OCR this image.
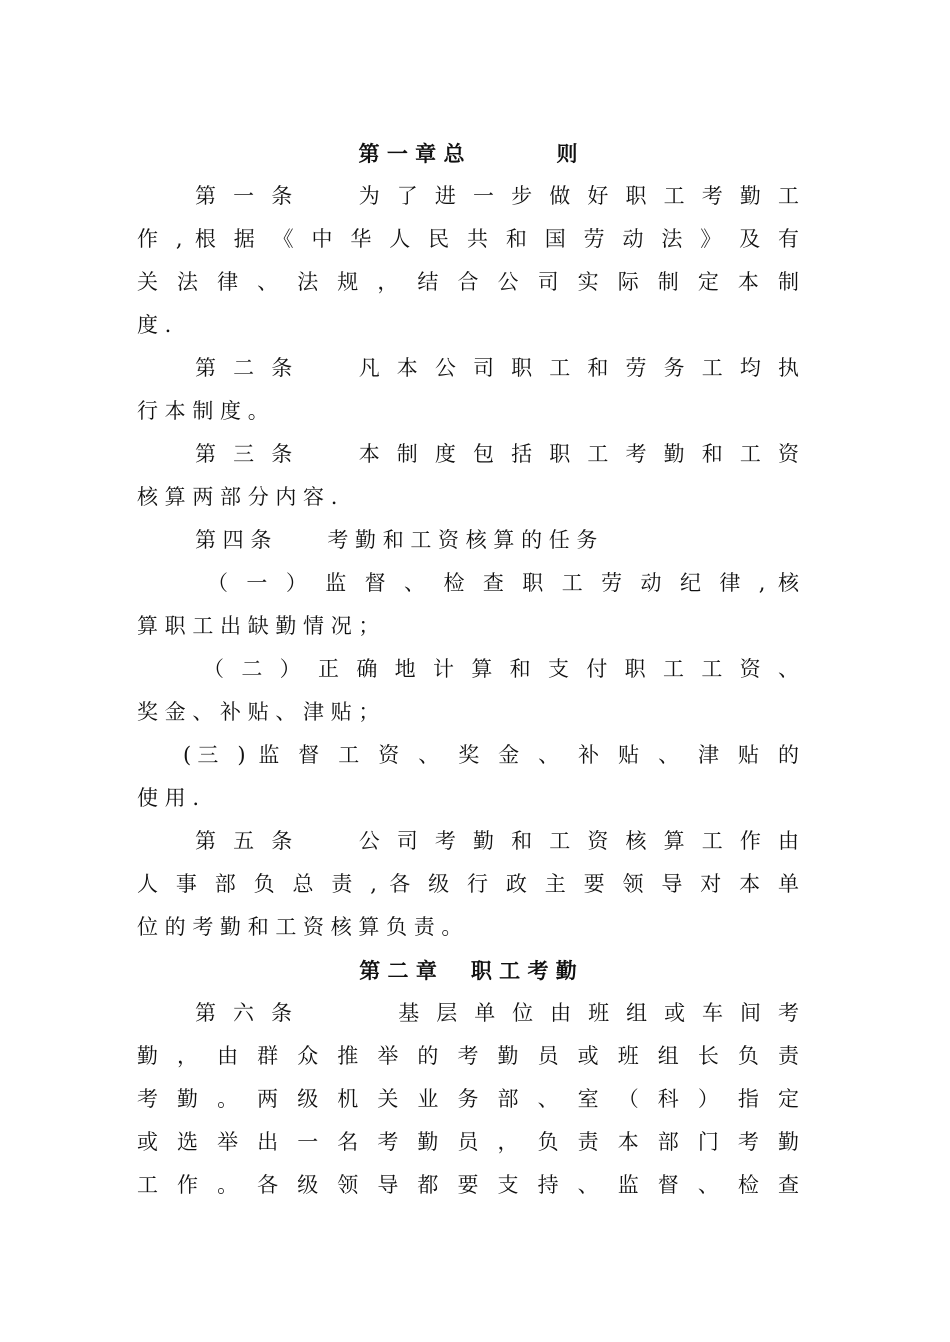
第 一 章 总	则
第 一 条	为 了 进 一 步 做 好 职 工 考 勤 工
作 , 根 据 《 中 华 人 民 共 和 国 劳 动 法 》 及 有
关 法 律 、 法 规 ， 结 合 公 司 实 际 制 定 本 制
度 .
第 二 条	凡 本 公 司 职 工 和 劳 务 工 均 执
行 本 制 度 。
第 三 条	本 制 度 包 括 职 工 考 勤 和 工 资
核 算 两 部 分 内 容 .
第 四 条	考 勤 和 工 资 核 算 的 任 务
（ 一 ） 监 督 、 检 查 职 工 劳 动 纪 律 , 核
算 职 工 出 缺 勤 情 况 ；
（ 二 ） 正 确 地 计 算 和 支 付 职 工 工 资 、
奖 金 、 补 贴 、 津 贴 ；
(三 ) 监 督 工 资 、 奖 金 、 补 贴 、 津 贴 的
使 用 .
第 五 条	公 司 考 勤 和 工 资 核 算 工 作 由
人 事 部 负 总 责 , 各 级 行 政 主 要 领 导 对 本 单
位 的 考 勤 和 工 资 核 算 负 责 。
第 二 章 职 工 考 勤
第 六 条	基 层 单 位 由 班 组 或 车 间 考
勤 ， 由 群 众 推 举 的 考 勤 员 或 班 组 长 负 责
考 勤 。 两 级 机 关 业 务 部 、 室 （ 科 ） 指 定
或 选 举 出 一 名 考 勤 员 ， 负 责 本 部 门 考 勤
工 作 。 各 级 领 导 都 要 支 持 、 监 督 、 检 查
